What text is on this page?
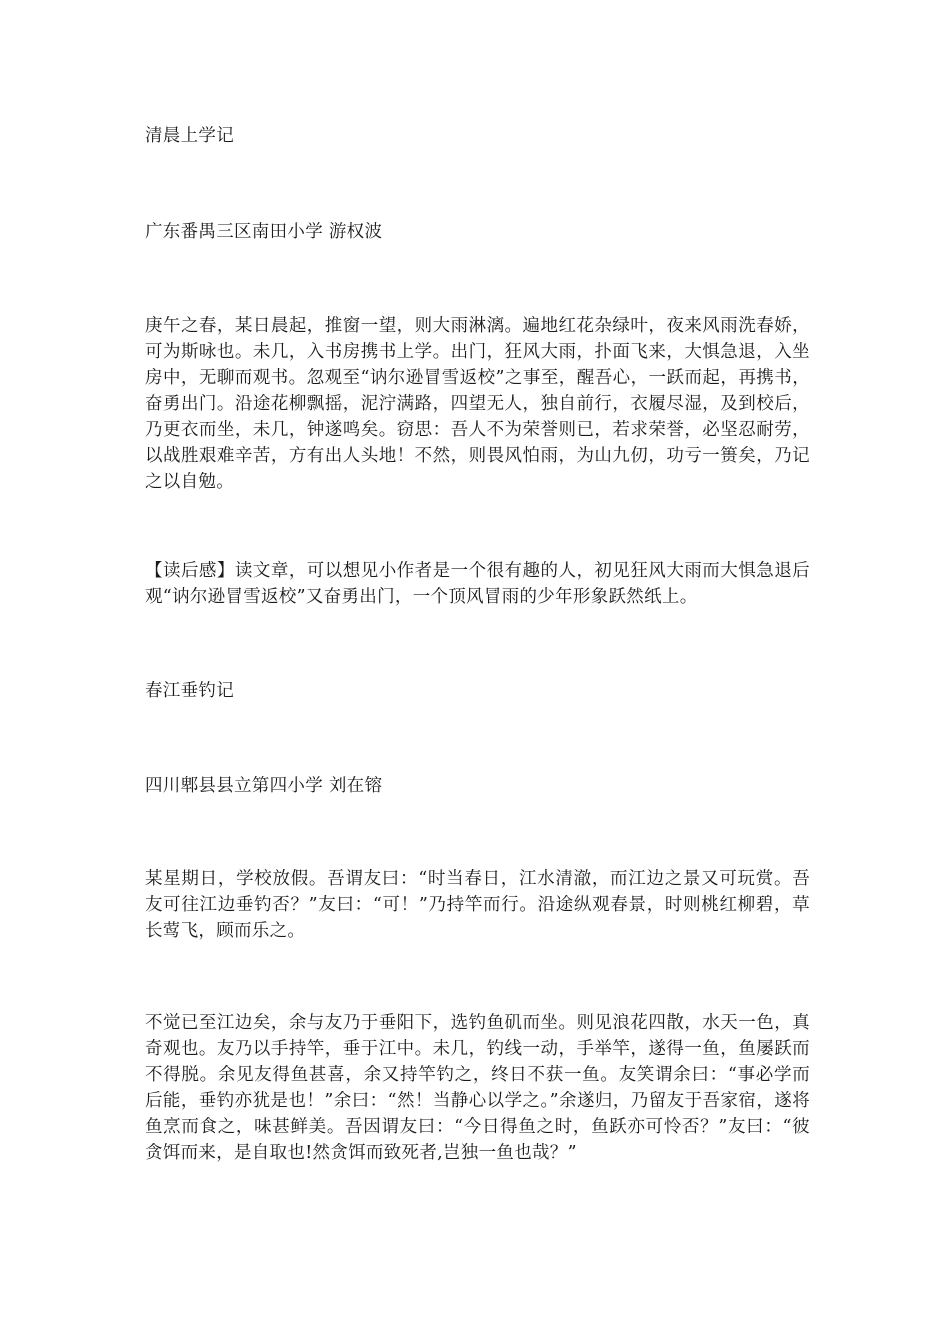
清晨上学记
广东番禺三区南田小学 游权波

庚午之春，某日晨起，推窗一望，则大雨淋漓。遍地红花杂绿叶，夜来风雨洗春娇，可为斯咏也。未几，入书房携书上学。出门，狂风大雨，扑面飞来，大惧急退，入坐房中，无聊而观书。忽观至“讷尔逊冒雪返校”之事至，醒吾心，一跃而起，再携书，奋勇出门。沿途花柳飘摇，泥泞满路，四望无人，独自前行，衣履尽湿，及到校后，乃更衣而坐，未几，钟遂鸣矣。窃思：吾人不为荣誉则已，若求荣誉，必坚忍耐劳，以战胜艰难辛苦，方有出人头地！不然，则畏风怕雨，为山九仞，功亏一篑矣，乃记之以自勉。

【读后感】读文章，可以想见小作者是一个很有趣的人，初见狂风大雨而大惧急退后观“讷尔逊冒雪返校”又奋勇出门，一个顶风冒雨的少年形象跃然纸上。

春江垂钓记
四川郫县县立第四小学 刘在镕

某星期日，学校放假。吾谓友曰：“时当春日，江水清澈，而江边之景又可玩赏。吾友可往江边垂钓否？”友曰：“可！”乃持竿而行。沿途纵观春景，时则桃红柳碧，草长莺飞，顾而乐之。

不觉已至江边矣，余与友乃于垂阳下，选钓鱼矶而坐。则见浪花四散，水天一色，真奇观也。友乃以手持竿，垂于江中。未几，钓线一动，手举竿，遂得一鱼，鱼屡跃而不得脱。余见友得鱼甚喜，余又持竿钓之，终日不获一鱼。友笑谓余曰：“事必学而后能，垂钓亦犹是也！”余曰：“然！当静心以学之。”余遂归，乃留友于吾家宿，遂将鱼烹而食之，味甚鲜美。吾因谓友曰：“今日得鱼之时，鱼跃亦可怜否？”友曰：“彼贪饵而来，是自取也!然贪饵而致死者,岂独一鱼也哉？”
